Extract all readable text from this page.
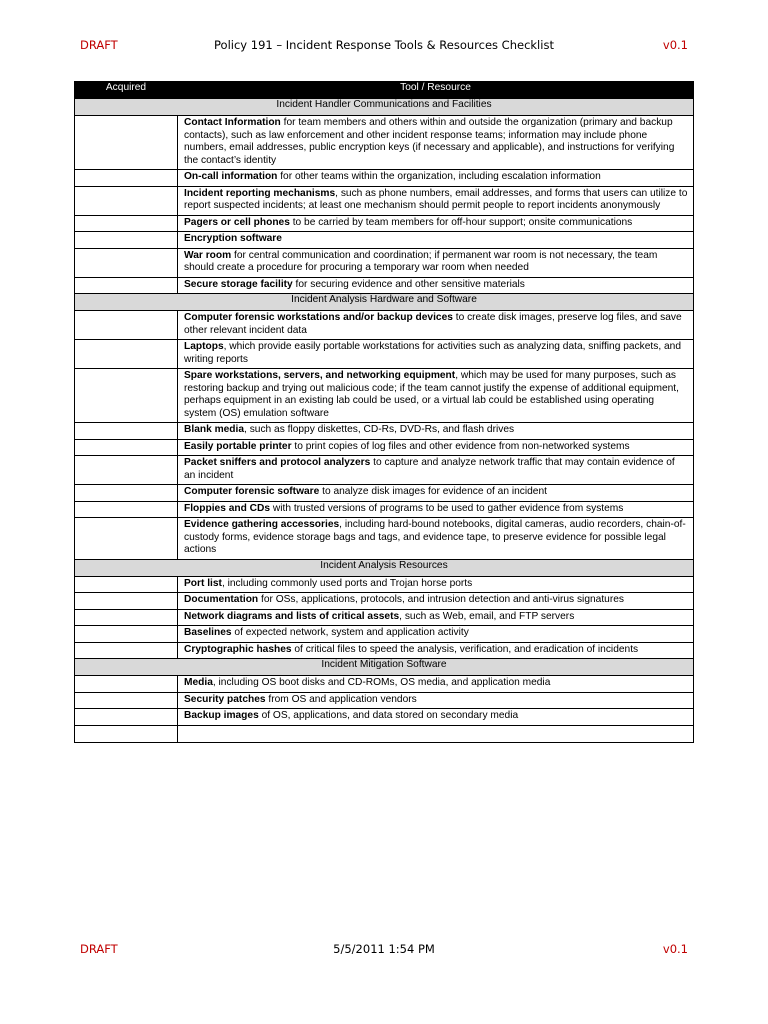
DRAFT	Policy 191 – Incident Response Tools & Resources Checklist	v0.1
Acquired	Tool / Resource
Incident Handler Communications and Facilities	
	Contact Information for team members and others within and outside the organization (primary and backup contacts), such as law enforcement and other incident response teams; information may include phone numbers, email addresses, public encryption keys (if necessary and applicable), and instructions for verifying the contact’s identity
	On-call information for other teams within the organization, including escalation information
	Incident reporting mechanisms, such as phone numbers, email addresses, and forms that users can utilize to report suspected incidents; at least one mechanism should permit people to report incidents anonymously
	Pagers or cell phones to be carried by team members for off-hour support; onsite communications
	Encryption software
	War room for central communication and coordination; if permanent war room is not necessary, the team should create a procedure for procuring a temporary war room when needed
	Secure storage facility for securing evidence and other sensitive materials
Incident Analysis Hardware and Software	
	Computer forensic workstations and/or backup devices to create disk images, preserve log files, and save other relevant incident data
	Laptops, which provide easily portable workstations for activities such as analyzing data, sniffing packets, and writing reports
	Spare workstations, servers, and networking equipment, which may be used for many purposes, such as restoring backup and trying out malicious code; if the team cannot justify the expense of additional equipment, perhaps equipment in an existing lab could be used, or a virtual lab could be established using operating system (OS) emulation software
	Blank media, such as floppy diskettes, CD-Rs, DVD-Rs, and flash drives
	Easily portable printer to print copies of log files and other evidence from non-networked systems
	Packet sniffers and protocol analyzers to capture and analyze network traffic that may contain evidence of an incident
	Computer forensic software to analyze disk images for evidence of an incident
	Floppies and CDs with trusted versions of programs to be used to gather evidence from systems
	Evidence gathering accessories, including hard-bound notebooks, digital cameras, audio recorders, chain-of-custody forms, evidence storage bags and tags, and evidence tape, to preserve evidence for possible legal actions
Incident Analysis Resources	
	Port list, including commonly used ports and Trojan horse ports
	Documentation for OSs, applications, protocols, and intrusion detection and anti-virus signatures
	Network diagrams and lists of critical assets, such as Web, email, and FTP servers
	Baselines of expected network, system and application activity
	Cryptographic hashes of critical files to speed the analysis, verification, and eradication of incidents
Incident Mitigation Software	
	Media, including OS boot disks and CD-ROMs, OS media, and application media
	Security patches from OS and application vendors
	Backup images of OS, applications, and data stored on secondary media

DRAFT	5/5/2011 1:54 PM	v0.1
